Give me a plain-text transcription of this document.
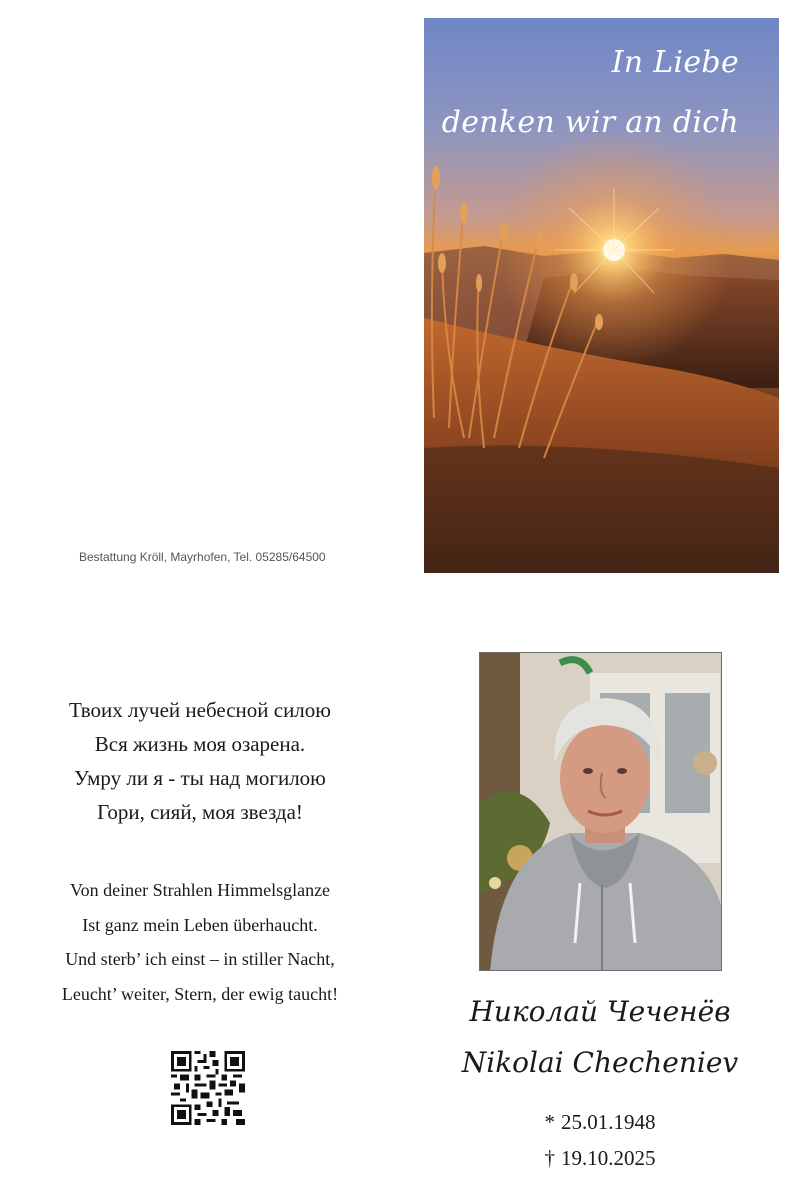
In Liebe
denken wir an dich
Bestattung Kröll, Mayrhofen, Tel. 05285/64500
Твоих лучей небесной силою
Вся жизнь моя озарена.
Умру ли я - ты над могилою
Гори, сияй, моя звезда!
Von deiner Strahlen Himmelsglanze
Ist ganz mein Leben überhaucht.
Und sterb’ ich einst – in stiller Nacht,
Leucht’ weiter, Stern, der ewig taucht!
Николай Чеченёв
Nikolai Checheniev
* 25.01.1948
† 19.10.2025
